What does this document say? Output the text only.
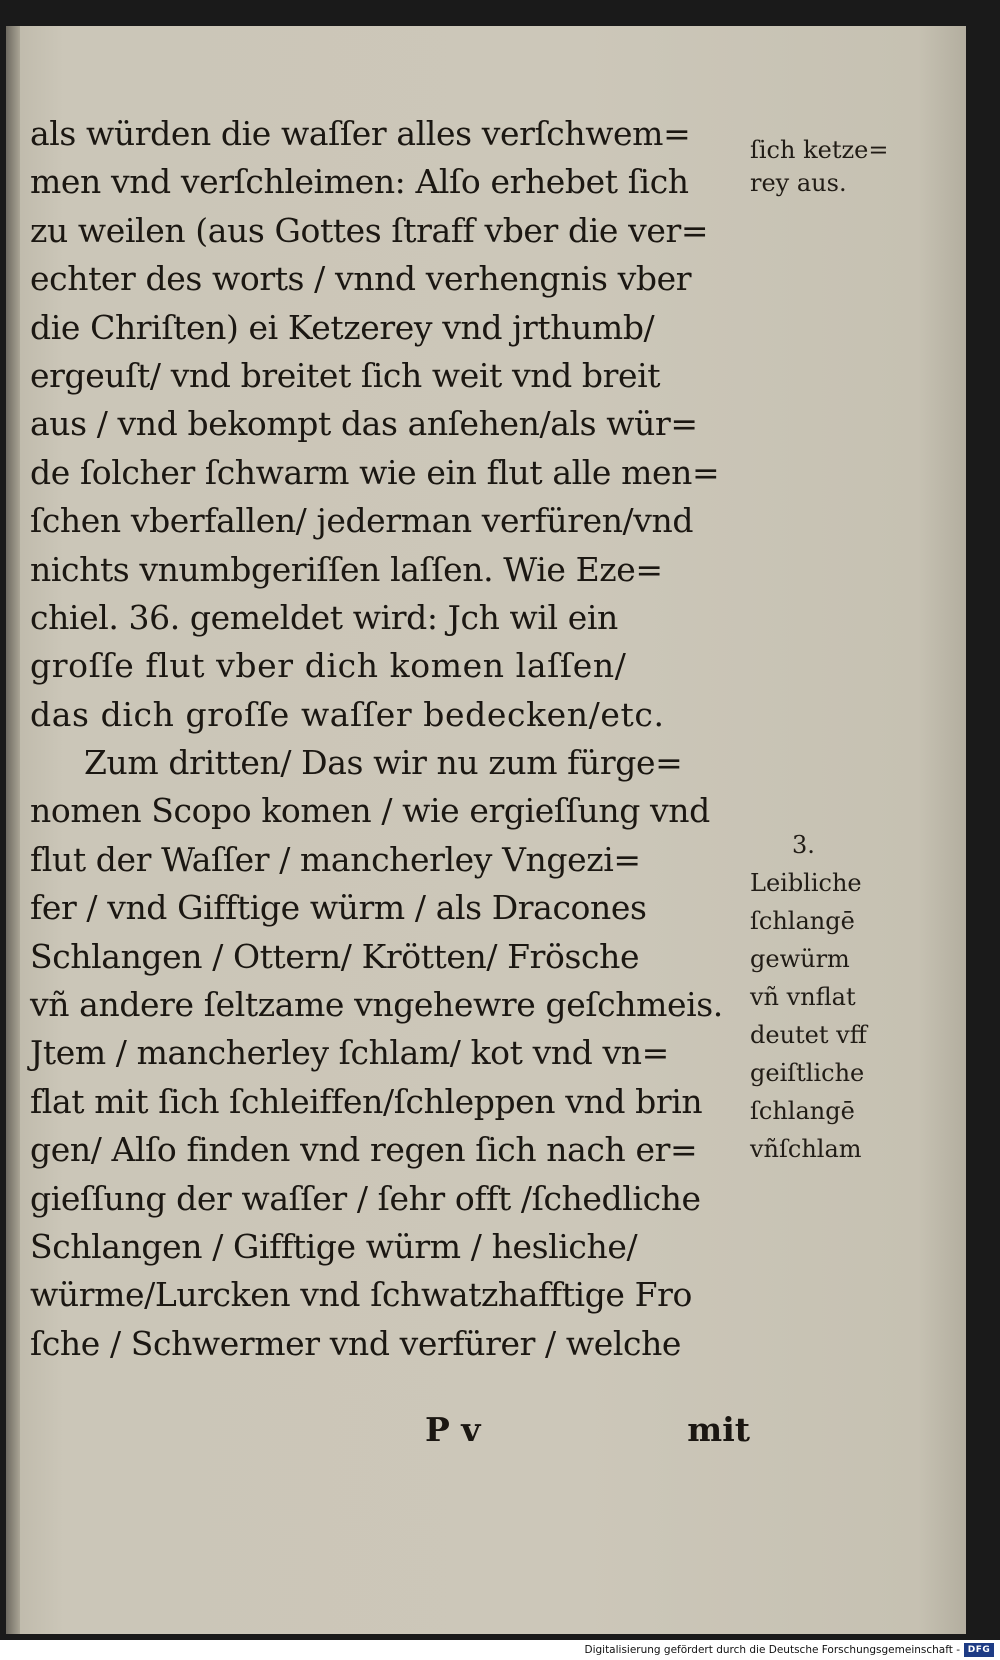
als würden die waſſer alles verſchwem=
men vnd verſchleimen: Alſo erhebet ſich
zu weilen (aus Gottes ſtraff vber die ver=
echter des worts / vnnd verhengnis vber
die Chriſten) ei Ketzerey vnd jrthumb/
ergeuſt/ vnd breitet ſich weit vnd breit
aus / vnd bekompt das anſehen/als wür=
de ſolcher ſchwarm wie ein flut alle men=
ſchen vberfallen/ jederman verfüren/vnd
nichts vnumbgeriſſen laſſen. Wie Eze=
chiel. 36. gemeldet wird: Jch wil ein
groſſe flut vber dich komen laſſen/
das dich groſſe waſſer bedecken/etc.
Zum dritten/ Das wir nu zum fürge=
nomen Scopo komen / wie ergieſſung vnd
flut der Waſſer / mancherley Vngezi=
fer / vnd Gifftige würm / als Dracones
Schlangen / Ottern/ Krötten/ Frösche
vñ andere ſeltzame vngehewre geſchmeis.
Jtem / mancherley ſchlam/ kot vnd vn=
flat mit ſich ſchleiffen/ſchleppen vnd brin
gen/ Alſo finden vnd regen ſich nach er=
gieſſung der waſſer / ſehr offt /ſchedliche
Schlangen / Gifftige würm / hesliche/
würme/Lurcken vnd ſchwatzhafftige Fro
ſche / Schwermer vnd verfürer / welche
P v	mit
ſich ketze=
rey aus.
3.
Leibliche
ſchlangē
gewürm
vñ vnflat
deutet vff
geiſtliche
ſchlangē
vñſchlam
Digitalisierung gefördert durch die Deutsche Forschungsgemeinschaft - DFG
